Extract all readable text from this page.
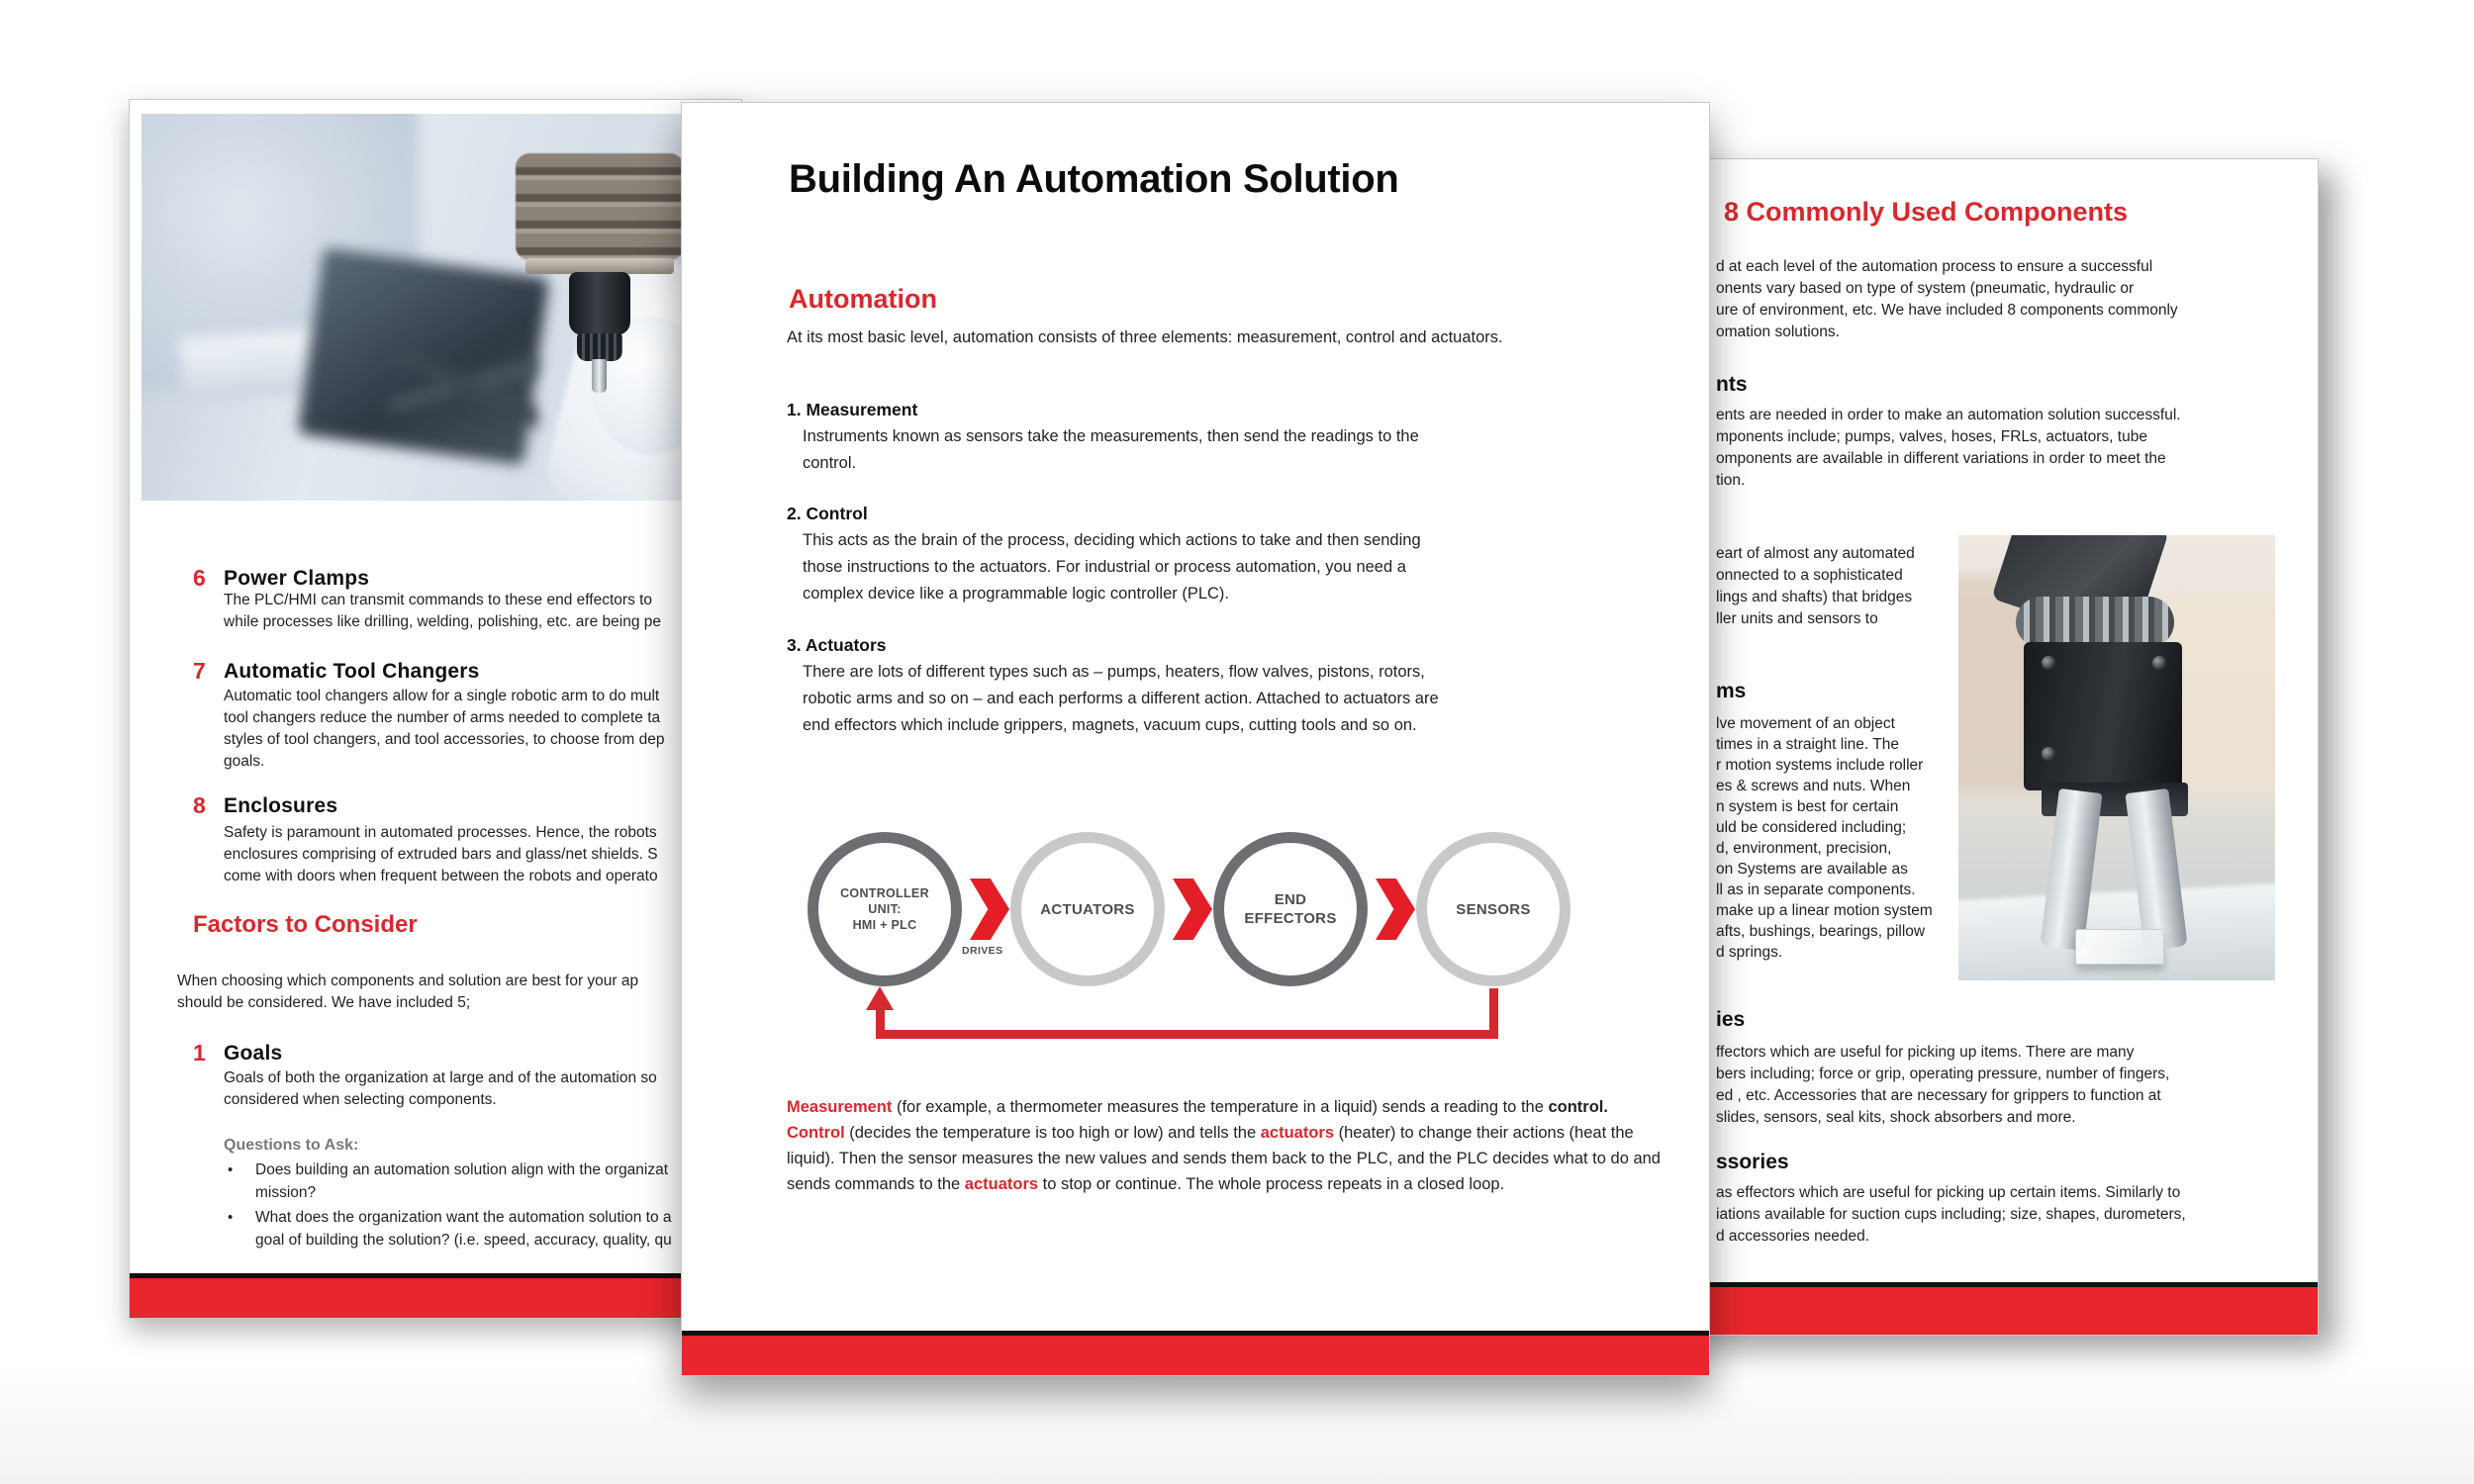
6 Power Clamps
The PLC/HMI can transmit commands to these end effectors to
while processes like drilling, welding, polishing, etc. are being pe
7 Automatic Tool Changers
Automatic tool changers allow for a single robotic arm to do mult
tool changers reduce the number of arms needed to complete ta
styles of tool changers, and tool accessories, to choose from dep
goals.
8 Enclosures
Safety is paramount in automated processes. Hence, the robots
enclosures comprising of extruded bars and glass/net shields. S
come with doors when frequent between the robots and operato
Factors to Consider
When choosing which components and solution are best for your ap
should be considered. We have included 5;
1 Goals
Goals of both the organization at large and of the automation so
considered when selecting components.
Questions to Ask:
• Does building an automation solution align with the organizat
mission?
• What does the organization want the automation solution to a
goal of building the solution? (i.e. speed, accuracy, quality, qu
8 Commonly Used Components
d at each level of the automation process to ensure a successful
onents vary based on type of system (pneumatic, hydraulic or
ure of environment, etc. We have included 8 components commonly
omation solutions.
nts
ents are needed in order to make an automation solution successful.
mponents include; pumps, valves, hoses, FRLs, actuators, tube
omponents are available in different variations in order to meet the
tion.
eart of almost any automated
onnected to a sophisticated
lings and shafts) that bridges
ller units and sensors to
ms
lve movement of an object
times in a straight line. The
r motion systems include roller
es & screws and nuts. When
n system is best for certain
uld be considered including;
d, environment, precision,
on Systems are available as
ll as in separate components.
make up a linear motion system
afts, bushings, bearings, pillow
d springs.
ies
ffectors which are useful for picking up items. There are many
bers including; force or grip, operating pressure, number of fingers,
ed , etc. Accessories that are necessary for grippers to function at
slides, sensors, seal kits, shock absorbers and more.
ssories
as effectors which are useful for picking up certain items. Similarly to
iations available for suction cups including; size, shapes, durometers,
d accessories needed.
Building An Automation Solution
Automation
At its most basic level, automation consists of three elements: measurement, control and actuators.
1. Measurement
Instruments known as sensors take the measurements, then send the readings to the
control.
2. Control
This acts as the brain of the process, deciding which actions to take and then sending
those instructions to the actuators. For industrial or process automation, you need a
complex device like a programmable logic controller (PLC).
3. Actuators
There are lots of different types such as – pumps, heaters, flow valves, pistons, rotors,
robotic arms and so on – and each performs a different action. Attached to actuators are
end effectors which include grippers, magnets, vacuum cups, cutting tools and so on.
CONTROLLER
UNIT:
HMI + PLC
DRIVES
ACTUATORS
END
EFFECTORS
SENSORS
Measurement (for example, a thermometer measures the temperature in a liquid) sends a reading to the control. Control (decides the temperature is too high or low) and tells the actuators (heater) to change their actions (heat the liquid). Then the sensor measures the new values and sends them back to the PLC, and the PLC decides what to do and sends commands to the actuators to stop or continue. The whole process repeats in a closed loop.
